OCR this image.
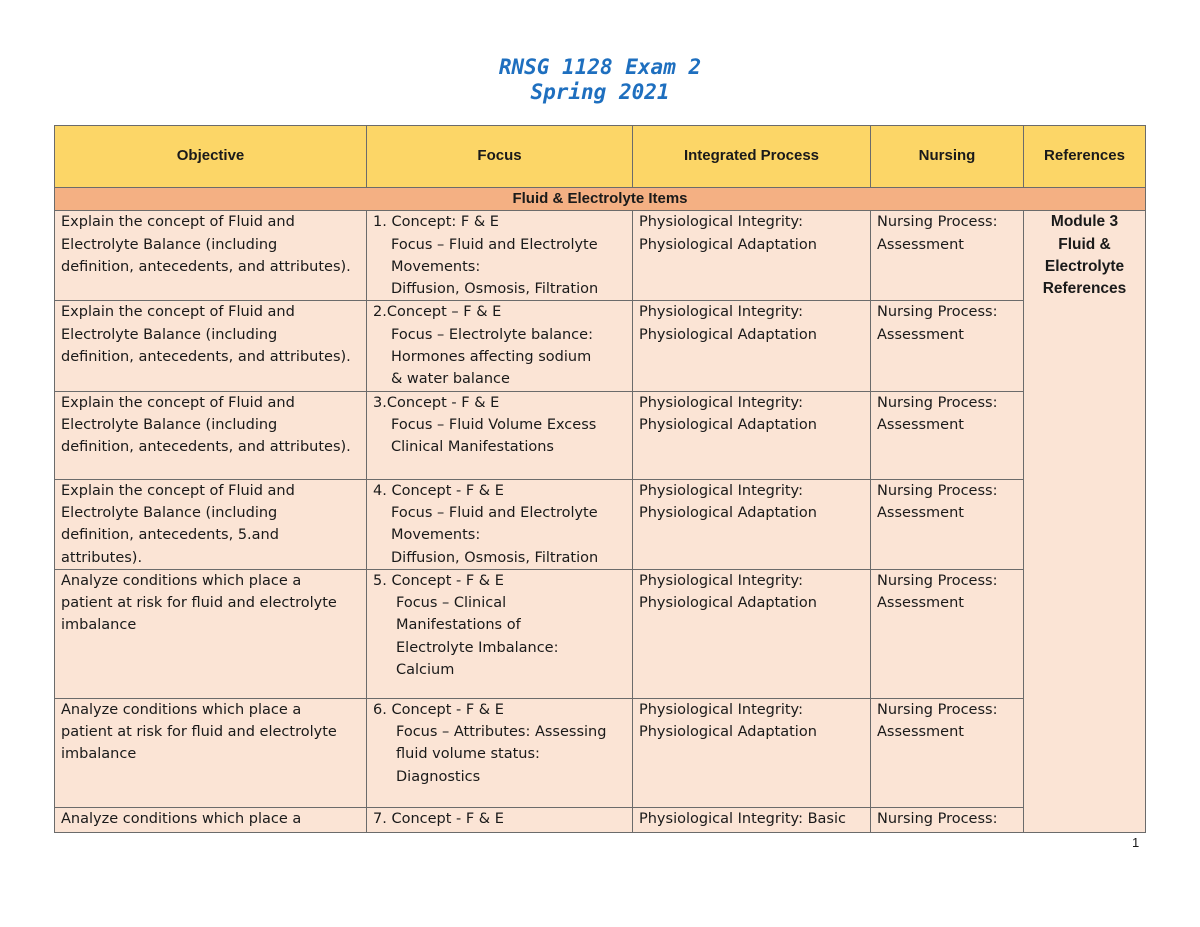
RNSG 1128 Exam 2
Spring 2021
Objective	Focus	Integrated Process	Nursing	References
Fluid & Electrolyte Items				

Explain the concept of Fluid and
Electrolyte Balance (including
definition, antecedents, and attributes).	1. Concept: F & E
Focus – Fluid and Electrolyte
Movements:
Diffusion, Osmosis, Filtration	Physiological Integrity:
Physiological Adaptation	Nursing Process:
Assessment	Module 3
Fluid &
Electrolyte
References

Explain the concept of Fluid and
Electrolyte Balance (including
definition, antecedents, and attributes).	2.Concept – F & E
Focus – Electrolyte balance:
Hormones affecting sodium
& water balance	Physiological Integrity:
Physiological Adaptation	Nursing Process:
Assessment	

Explain the concept of Fluid and
Electrolyte Balance (including
definition, antecedents, and attributes).	3.Concept - F & E
Focus – Fluid Volume Excess
Clinical Manifestations	Physiological Integrity:
Physiological Adaptation	Nursing Process:
Assessment	

Explain the concept of Fluid and
Electrolyte Balance (including
definition, antecedents, 5.and
attributes).	4. Concept - F & E
Focus – Fluid and Electrolyte
Movements:
Diffusion, Osmosis, Filtration	Physiological Integrity:
Physiological Adaptation	Nursing Process:
Assessment	

Analyze conditions which place a
patient at risk for fluid and electrolyte
imbalance	5. Concept - F & E
Focus – Clinical
Manifestations of
Electrolyte Imbalance:
Calcium	Physiological Integrity:
Physiological Adaptation	Nursing Process:
Assessment	

Analyze conditions which place a
patient at risk for fluid and electrolyte
imbalance	6. Concept - F & E
Focus – Attributes: Assessing
fluid volume status:
Diagnostics	Physiological Integrity:
Physiological Adaptation	Nursing Process:
Assessment	

Analyze conditions which place a	7. Concept - F & E	Physiological Integrity: Basic	Nursing Process:	
1
